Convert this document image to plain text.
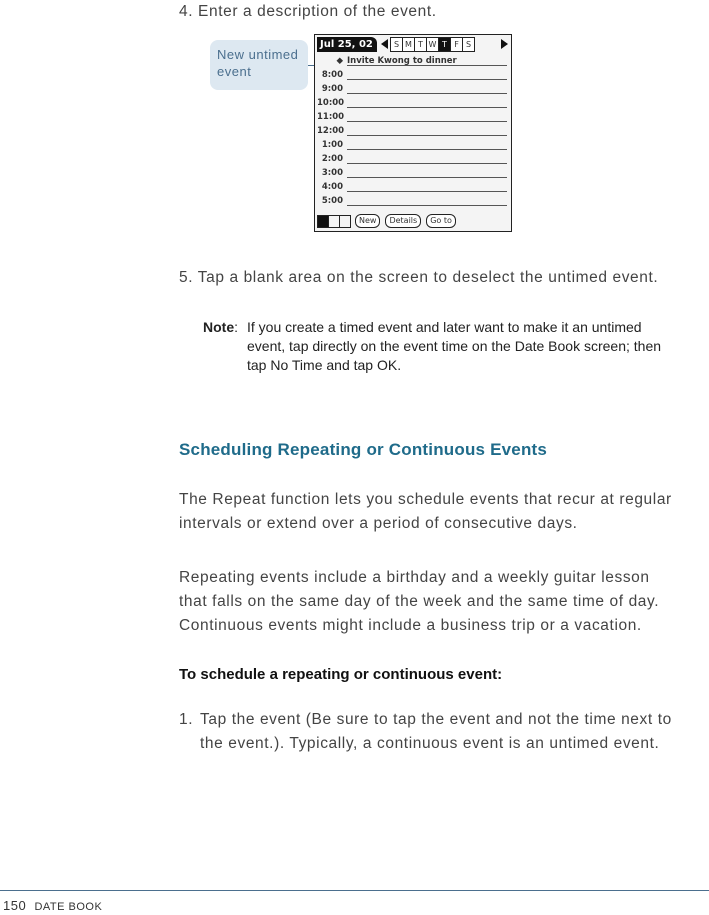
4. Enter a description of the event.
New untimed event
Jul 25, 02	S M T W T F S
◆ Invite Kwong to dinner
8:00
9:00
10:00
11:00
12:00
1:00
2:00
3:00
4:00
5:00
New	Details	Go to
5. Tap a blank area on the screen to deselect the untimed event.
Note: If you create a timed event and later want to make it an untimed event, tap directly on the event time on the Date Book screen; then tap No Time and tap OK.
Scheduling Repeating or Continuous Events
The Repeat function lets you schedule events that recur at regular intervals or extend over a period of consecutive days.
Repeating events include a birthday and a weekly guitar lesson that falls on the same day of the week and the same time of day. Continuous events might include a business trip or a vacation.
To schedule a repeating or continuous event:
1. Tap the event (Be sure to tap the event and not the time next to the event.). Typically, a continuous event is an untimed event.
150 DATE BOOK
